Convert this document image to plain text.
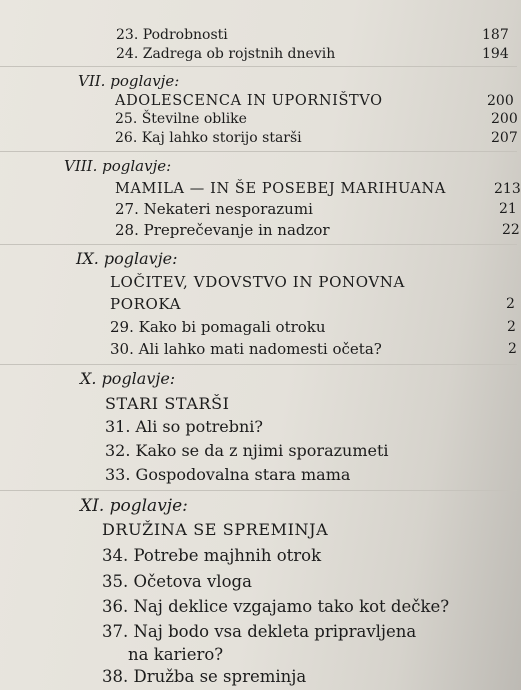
23. Podrobnosti	187
24. Zadrega ob rojstnih dnevih	194
VII. poglavje:
ADOLESCENCA IN UPORNIŠTVO	200
25. Številne oblike	200
26. Kaj lahko storijo starši	207
VIII. poglavje:
MAMILA — IN ŠE POSEBEJ MARIHUANA	213
27. Nekateri nesporazumi	21
28. Preprečevanje in nadzor	22
IX. poglavje:
LOČITEV, VDOVSTVO IN PONOVNA
POROKA	2
29. Kako bi pomagali otroku	2
30. Ali lahko mati nadomesti očeta?	2
X. poglavje:
STARI STARŠI
31. Ali so potrebni?
32. Kako se da z njimi sporazumeti
33. Gospodovalna stara mama
XI. poglavje:
DRUŽINA SE SPREMINJA
34. Potrebe majhnih otrok
35. Očetova vloga
36. Naj deklice vzgajamo tako kot dečke?
37. Naj bodo vsa dekleta pripravljena
na kariero?
38. Družba se spreminja
